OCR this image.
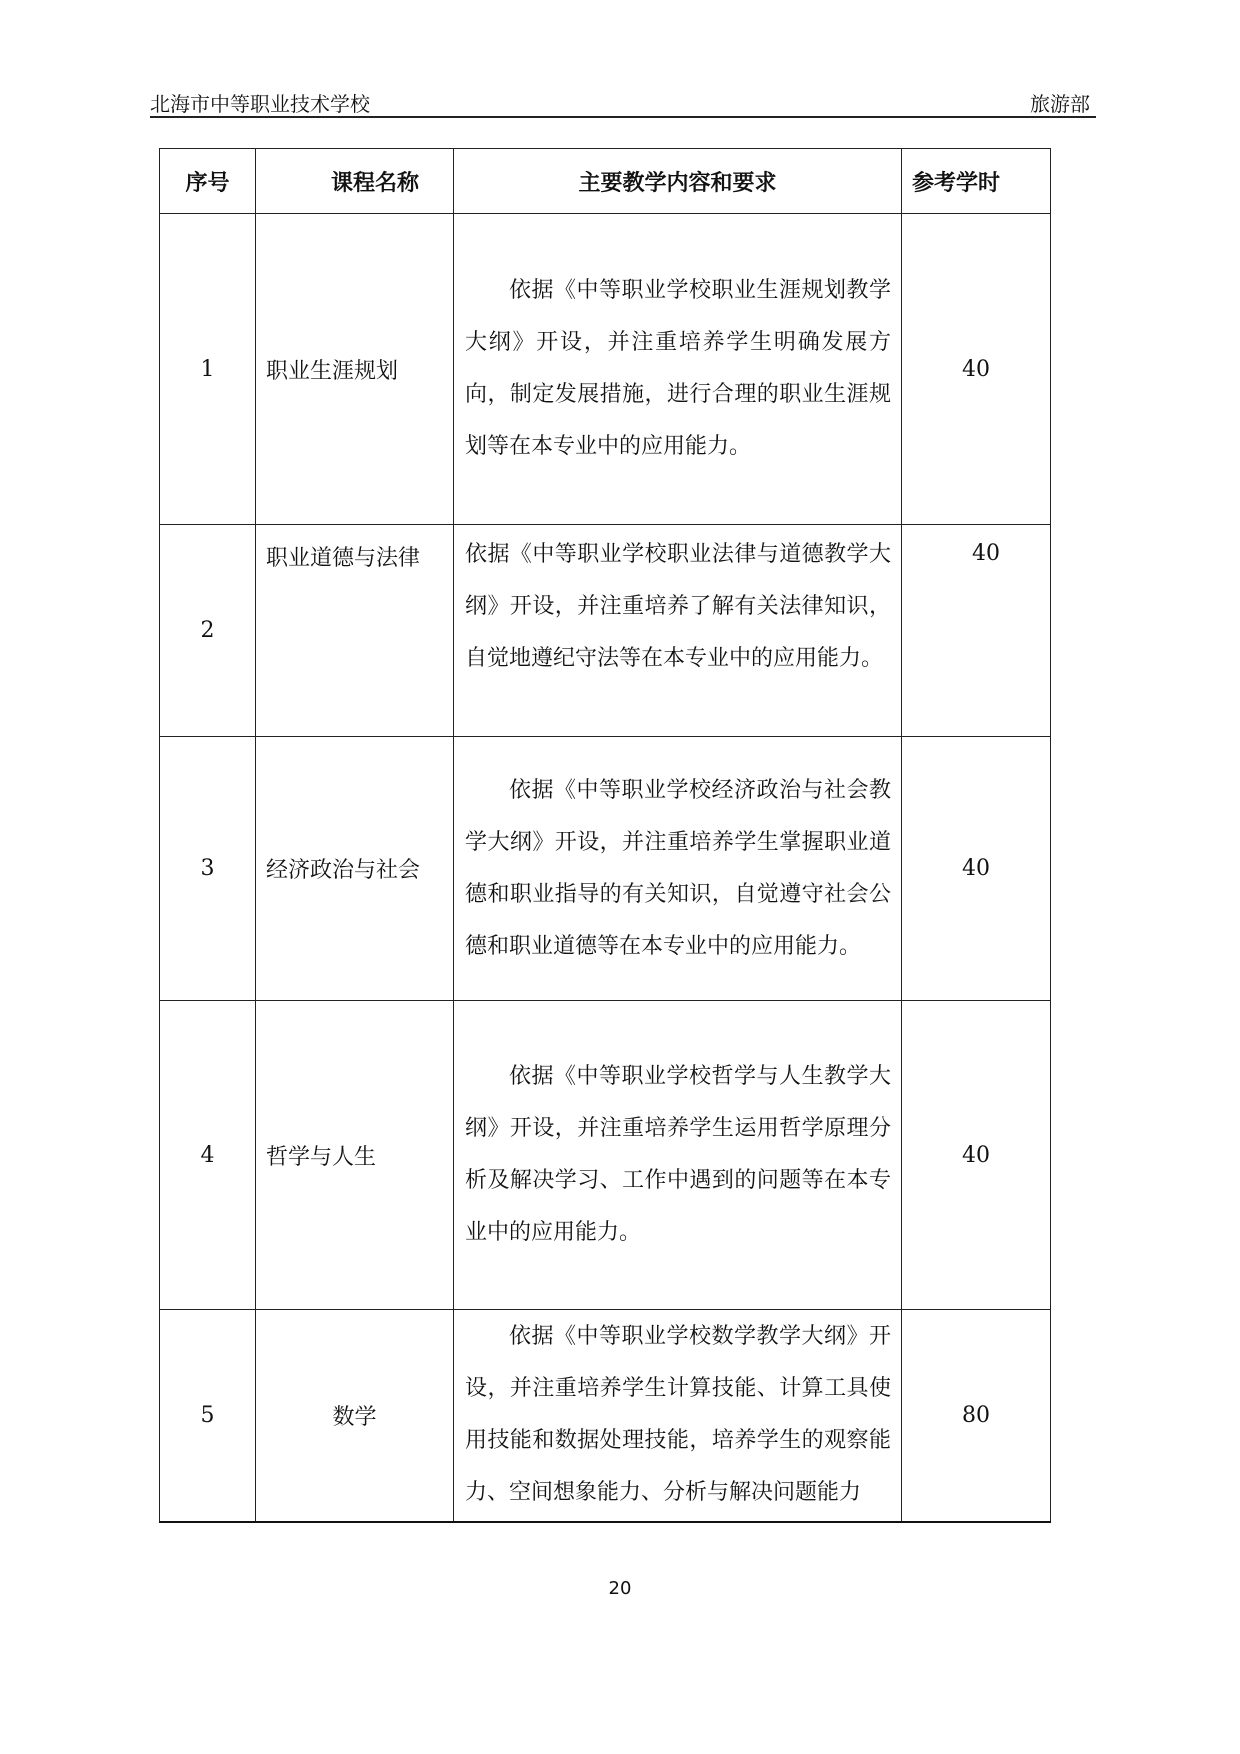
北海市中等职业技术学校	旅游部
序号	课程名称	主要教学内容和要求	参考学时
1	职业生涯规划	依据《中等职业学校职业生涯规划教学大纲》开设，并注重培养学生明确发展方向，制定发展措施，进行合理的职业生涯规划等在本专业中的应用能力。	40
2	职业道德与法律	依据《中等职业学校职业法律与道德教学大纲》开设，并注重培养了解有关法律知识，自觉地遵纪守法等在本专业中的应用能力。	40
3	经济政治与社会	依据《中等职业学校经济政治与社会教学大纲》开设，并注重培养学生掌握职业道德和职业指导的有关知识，自觉遵守社会公德和职业道德等在本专业中的应用能力。	40
4	哲学与人生	依据《中等职业学校哲学与人生教学大纲》开设，并注重培养学生运用哲学原理分析及解决学习、工作中遇到的问题等在本专业中的应用能力。	40
5	数学	依据《中等职业学校数学教学大纲》开设，并注重培养学生计算技能、计算工具使用技能和数据处理技能，培养学生的观察能力、空间想象能力、分析与解决问题能力	80
20
